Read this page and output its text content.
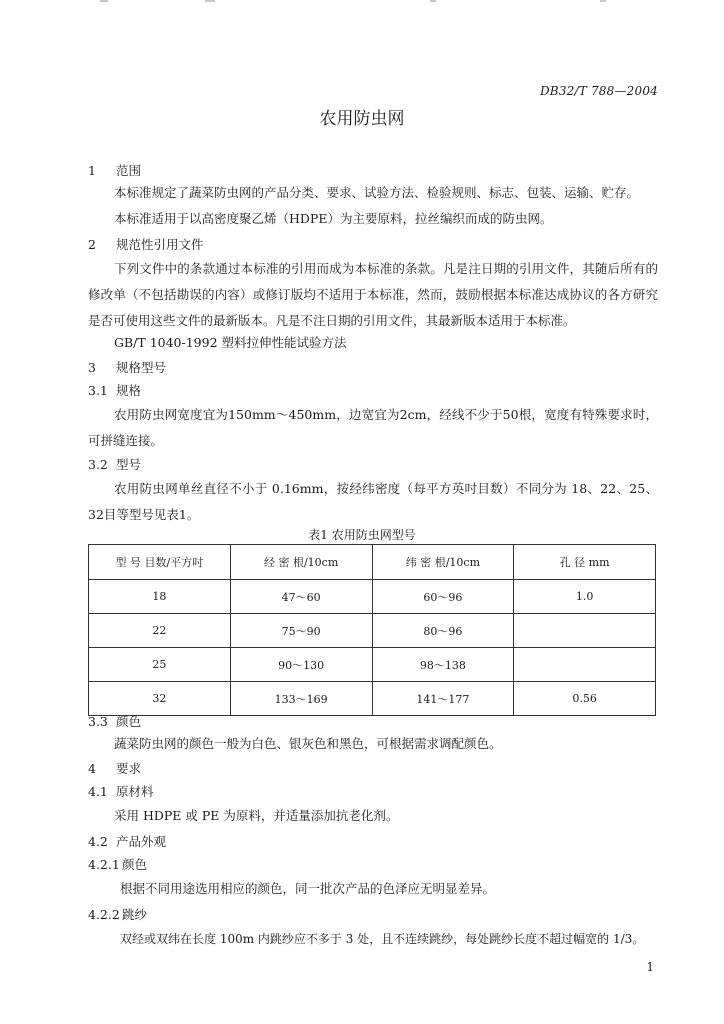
DB32/T 788—2004
农用防虫网
1 范围
本标准规定了蔬菜防虫网的产品分类、要求、试验方法、检验规则、标志、包装、运输、贮存。
本标准适用于以高密度聚乙烯（HDPE）为主要原料，拉丝编织而成的防虫网。
2 规范性引用文件
下列文件中的条款通过本标准的引用而成为本标准的条款。凡是注日期的引用文件，其随后所有的修改单（不包括勘误的内容）或修订版均不适用于本标准，然而，鼓励根据本标准达成协议的各方研究是否可使用这些文件的最新版本。凡是不注日期的引用文件，其最新版本适用于本标准。
GB/T 1040-1992 塑料拉伸性能试验方法
3 规格型号
3.1 规格
农用防虫网宽度宜为150mm～450mm，边宽宜为2cm，经线不少于50根，宽度有特殊要求时，可拼缝连接。
3.2 型号
农用防虫网单丝直径不小于 0.16mm，按经纬密度（每平方英吋目数）不同分为 18、22、25、32目等型号见表1。
表1 农用防虫网型号
型 号 目数/平方吋	经 密 根/10cm	纬 密 根/10cm	孔 径 mm
18	47～60	60～96	1.0
22	75～90	80～96	
25	90～130	98～138	
32	133～169	141～177	0.56
3.3 颜色
蔬菜防虫网的颜色一般为白色、银灰色和黑色，可根据需求调配颜色。
4 要求
4.1 原材料
采用 HDPE 或 PE 为原料，并适量添加抗老化剂。
4.2 产品外观
4.2.1 颜色
根据不同用途选用相应的颜色，同一批次产品的色泽应无明显差异。
4.2.2 跳纱
双经或双纬在长度 100m 内跳纱应不多于 3 处，且不连续跳纱，每处跳纱长度不超过幅宽的 1/3。
1
